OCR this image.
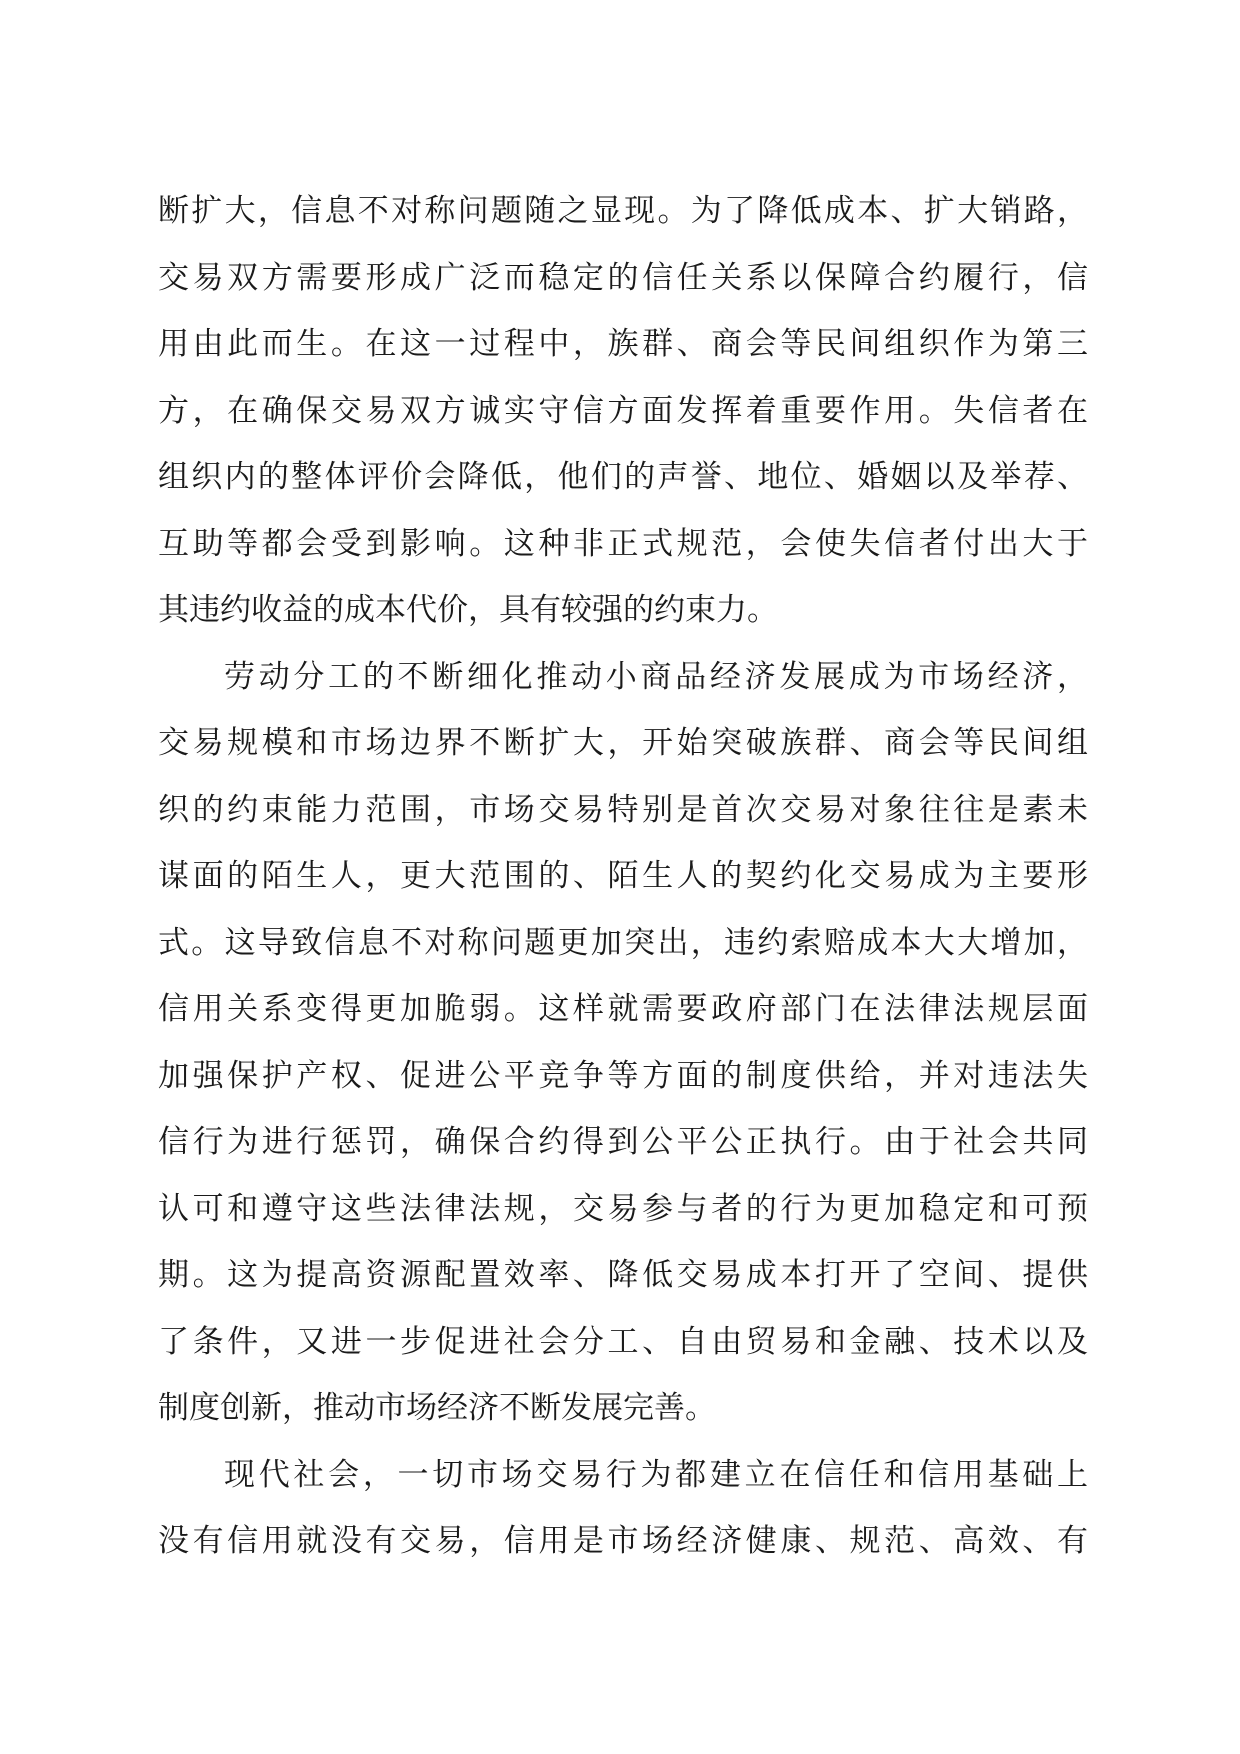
断扩大，信息不对称问题随之显现。为了降低成本、扩大销路，
交易双方需要形成广泛而稳定的信任关系以保障合约履行，信
用由此而生。在这一过程中，族群、商会等民间组织作为第三
方，在确保交易双方诚实守信方面发挥着重要作用。失信者在
组织内的整体评价会降低，他们的声誉、地位、婚姻以及举荐、
互助等都会受到影响。这种非正式规范，会使失信者付出大于
其违约收益的成本代价，具有较强的约束力。
劳动分工的不断细化推动小商品经济发展成为市场经济，
交易规模和市场边界不断扩大，开始突破族群、商会等民间组
织的约束能力范围，市场交易特别是首次交易对象往往是素未
谋面的陌生人，更大范围的、陌生人的契约化交易成为主要形
式。这导致信息不对称问题更加突出，违约索赔成本大大增加，
信用关系变得更加脆弱。这样就需要政府部门在法律法规层面
加强保护产权、促进公平竞争等方面的制度供给，并对违法失
信行为进行惩罚，确保合约得到公平公正执行。由于社会共同
认可和遵守这些法律法规，交易参与者的行为更加稳定和可预
期。这为提高资源配置效率、降低交易成本打开了空间、提供
了条件，又进一步促进社会分工、自由贸易和金融、技术以及
制度创新，推动市场经济不断发展完善。
现代社会，一切市场交易行为都建立在信任和信用基础上
没有信用就没有交易，信用是市场经济健康、规范、高效、有
